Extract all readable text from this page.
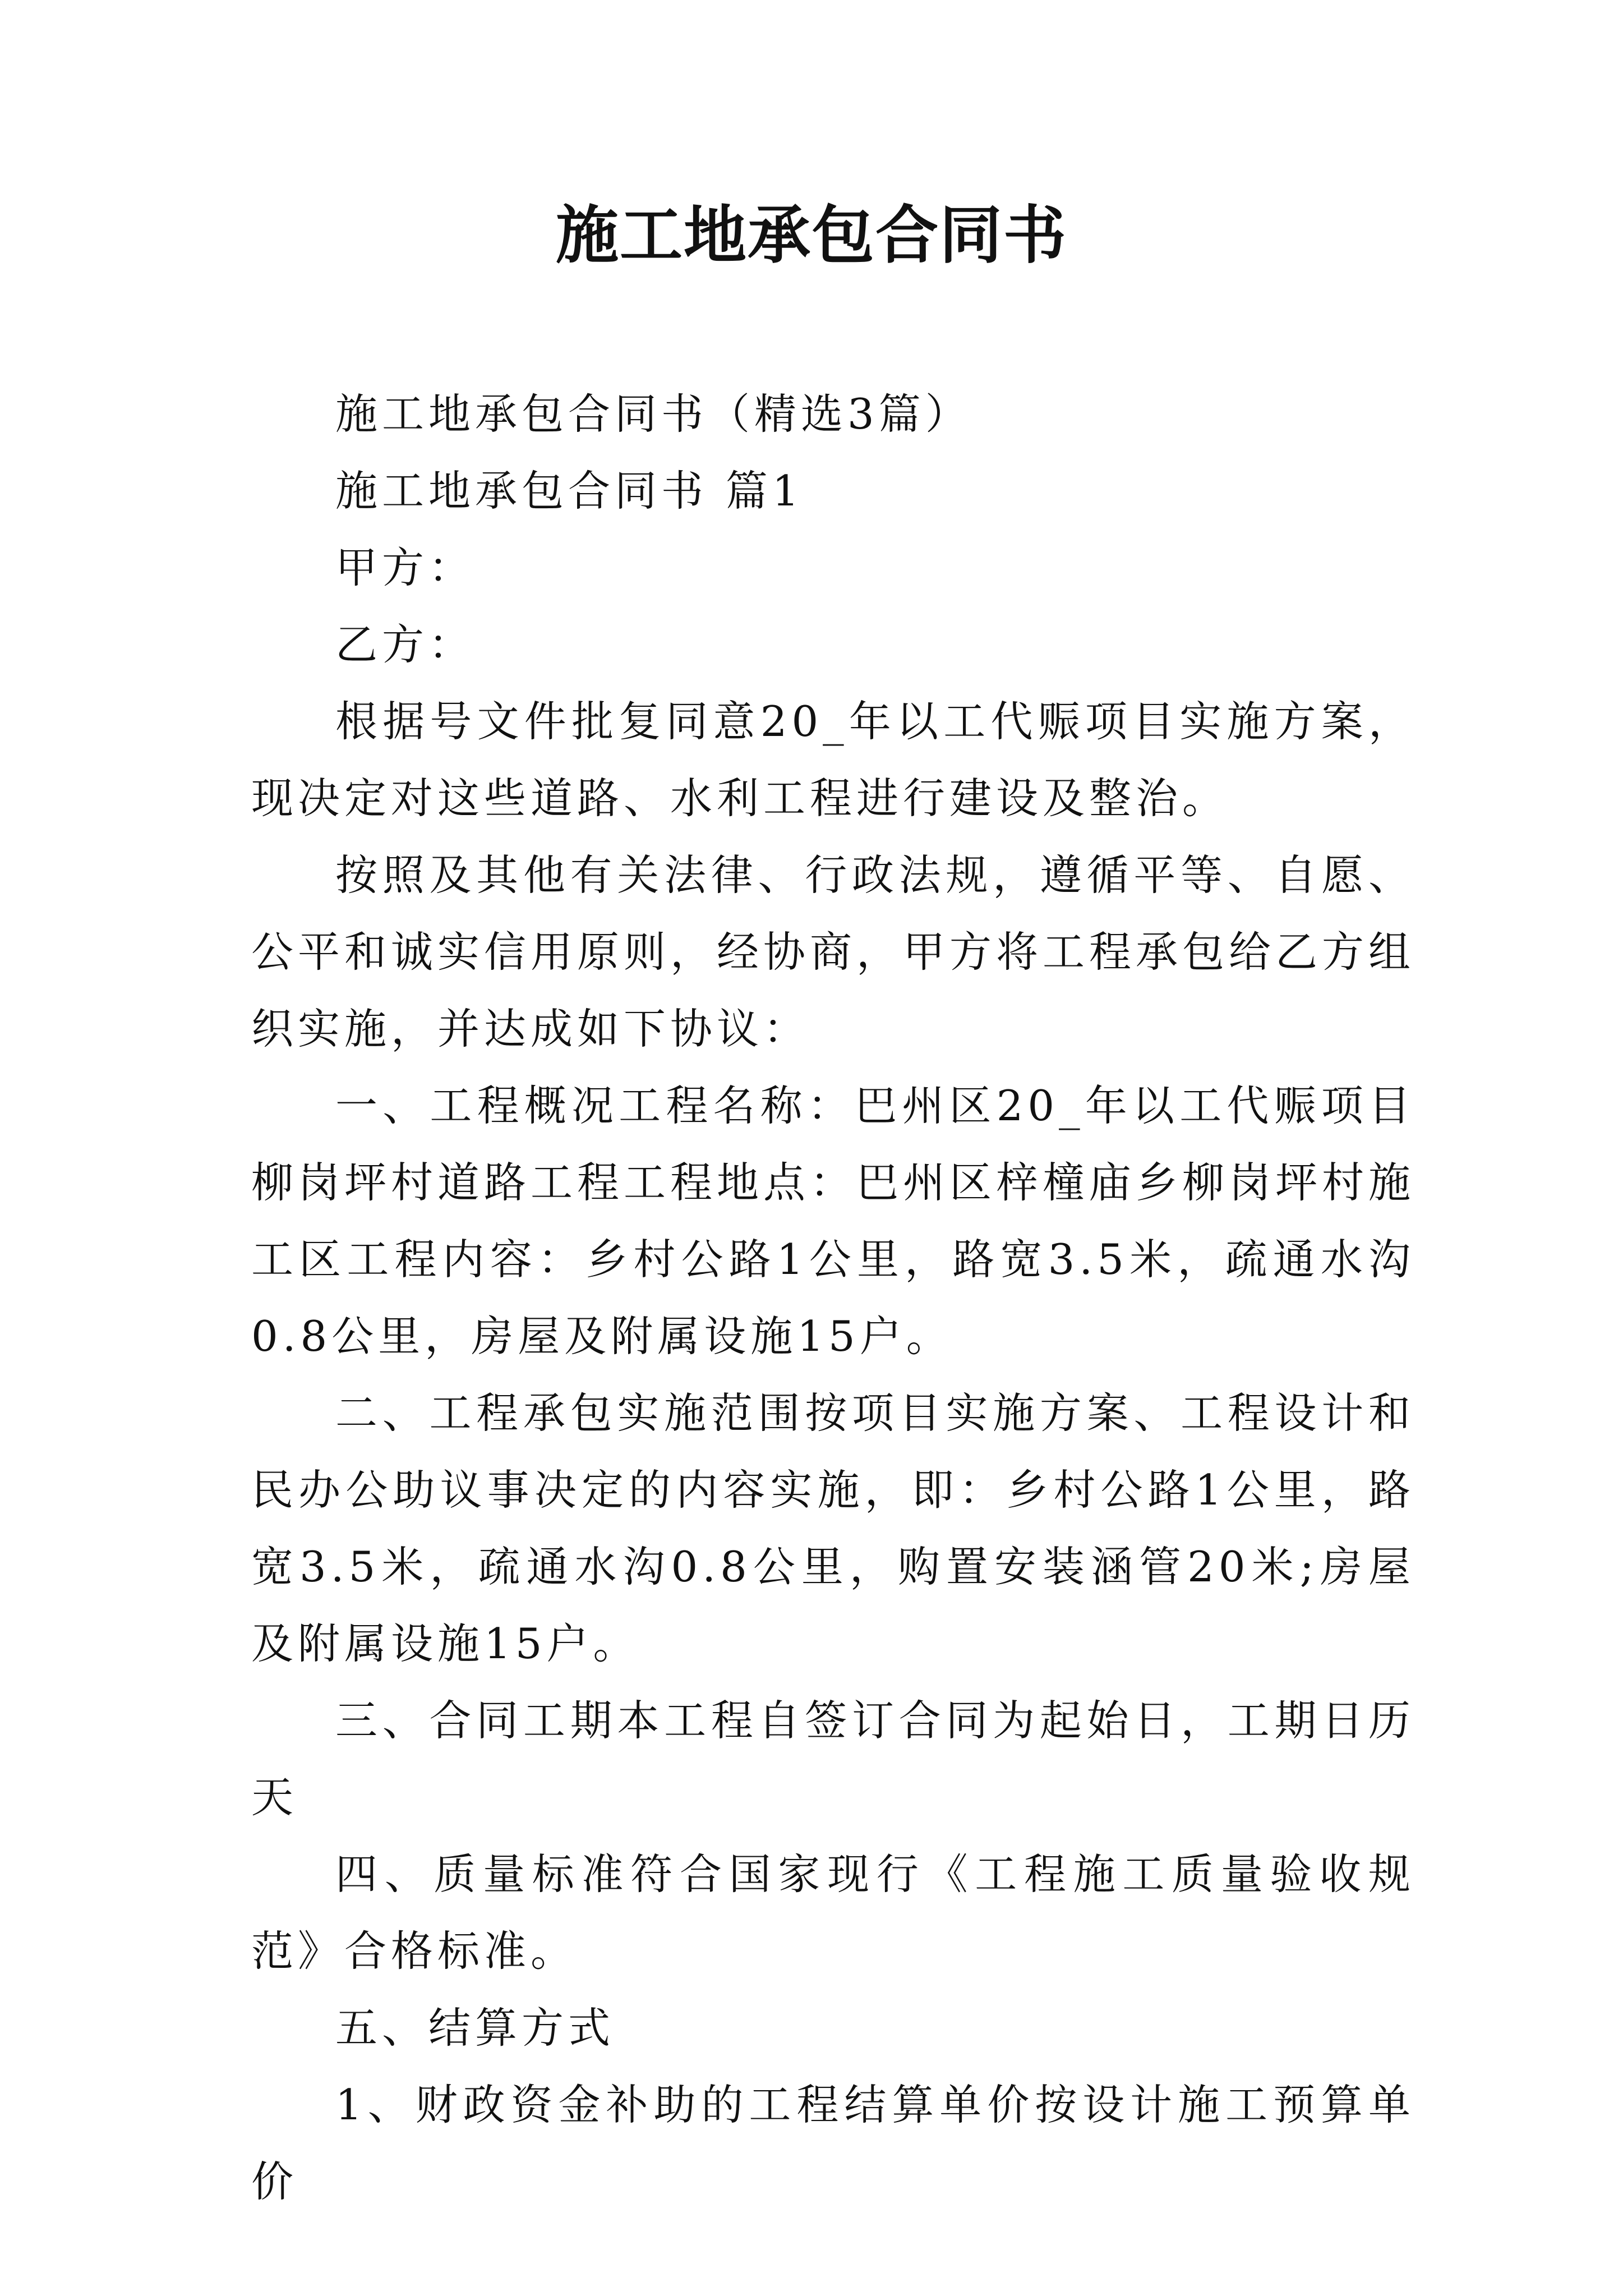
施工地承包合同书

施工地承包合同书（精选3篇）

施工地承包合同书 篇1

甲方：

乙方：

根据号文件批复同意20_年以工代赈项目实施方案，现决定对这些道路、水利工程进行建设及整治。

按照及其他有关法律、行政法规，遵循平等、自愿、公平和诚实信用原则，经协商，甲方将工程承包给乙方组织实施，并达成如下协议：

一、工程概况工程名称：巴州区20_年以工代赈项目柳岗坪村道路工程工程地点：巴州区梓橦庙乡柳岗坪村施工区工程内容：乡村公路1公里，路宽3.5米，疏通水沟0.8公里，房屋及附属设施15户。

二、工程承包实施范围按项目实施方案、工程设计和民办公助议事决定的内容实施，即：乡村公路1公里，路宽3.5米，疏通水沟0.8公里，购置安装涵管20米;房屋及附属设施15户。

三、合同工期本工程自签订合同为起始日，工期日历天

四、质量标准符合国家现行《工程施工质量验收规范》合格标准。

五、结算方式

1、财政资金补助的工程结算单价按设计施工预算单价
